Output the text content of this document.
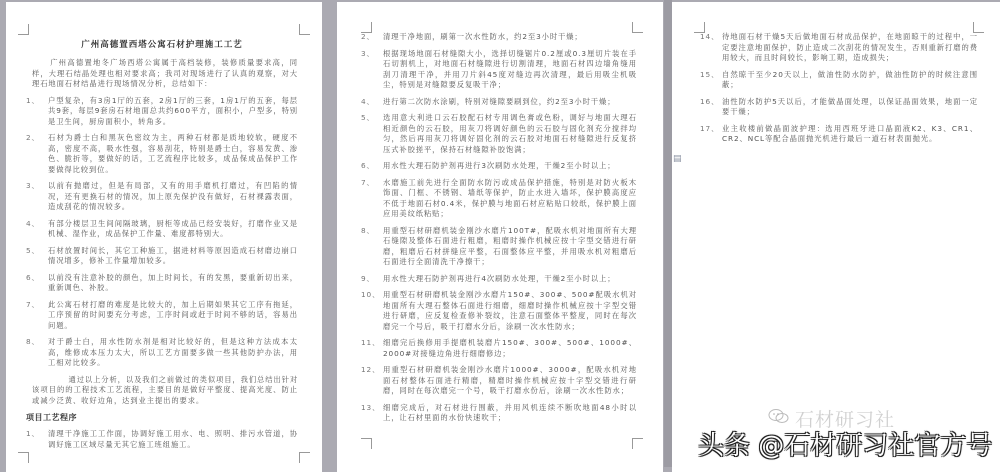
广州高德置西塔公寓石材护理施工工艺
广州高德置地冬广场西塔公寓属于高档装修，装修质量要求高，同样，大理石结晶处理也相对要求高；我司对现场进行了认真的观察，对大理石地面石材结晶进行现场情况分析，总结如下：
1、	户型复杂，有3房1厅的五套，2房1厅的三套，1房1厅的五套，每层共9套，每层9套房石材地面总共约600平方，面积小，户型多，特别是卫生间，厨房面积小，转角多。
2、	石材为爵士白和黑灰色密纹为主，两种石材都是质地较软，硬度不高，密度不高，吸水性强，容易刮花，特别是爵士白，容易发黄、渗色、脆折等，要做好的话，工艺流程序比较多，成品保成品保护工作要做得比较到位。
3、	以前有抛磨过，但是有局部，又有的用手磨机打磨过，有凹陷的情况，还有更换石材的情况，加上原先保护没有做好，石材裸露表面，造成刮花的情况较多。
4、	有部分楼层卫生间间隔玻璃，厨柜等成品已经安装好，打磨作业又是机械、湿作业，成品保护工作量、难度都特别大。
5、	石材放置时间长，其它工种施工，据进材料等原因造成石材磨边崩口情况增多，修补工作量增加较多。
6、	以前没有注意补胶的颜色，加上时间长，有的发黑，要重新切出来，重新调色、补胶。
7、	此公寓石材打磨的难度是比较大的，加上后期如果其它工序有拖延，工序预留的时间要充分考虑，工序时间或赶于时间不够的话，容易出问题。
8、	对于爵士白，用水性防水剂是相对比较好的，但是这种方法成本太高，维修成本压力太大，所以工艺方面要多做一些其他防护办法，用工相对比较多。
通过以上分析，以及我们之前做过的类似项目，我们总结出针对该项目的的工程技术工艺流程，主要目的是做好平整度、提高光度、防止或减少泛黄、收好边角，达到业主提出的要求。
项目工艺程序
1、	清理干净施工工作面，协调好施工用水、电、照明、排污水管道，协调好施工区域尽量无其它施工班组施工。
2、	清理干净地面，刷第一次水性防水，约2至3小时干燥；
3、	根据现场地面石材缝隙大小，选择切缝锯片0.2厘或0.3厘切片装在手石切割机上，对地面石材缝隙进行切割清理，地面石材四边墙角缝用刮刀清理干净，并用刀片斜45度对缝边再次清理，最后用吸尘机吸尘，特别是对缝隙要反复吸干净；
4、	进行第二次防水涂刷，特别对缝隙要刷到位，约2至3小时干燥；
5、	选用意大利进口云石胶配石材专用调色膏或色粉，调好与地面大理石相近颜色的云石胶，用灰刀将调好颜色的云石胶与固化剂充分搅拌均匀，然后再用灰刀将调好固化剂的云石胶对地面石材缝隙进行反复挤压式补胶搓平，保持石材缝隙补胶饱满；
6、	用水性大理石防护剂再进行3次刷防水处理，干燥2至小时以上；
7、	水磨施工前先进行全面防水防污或成品保护措施，特别是对防火板木饰面、门框、不锈钢、墙纸等保护，防止水进入墙坏，保护膜高度应不低于地面石材0.4米，保护膜与地面石材应粘贴口较纸，保护膜上面应用美纹纸粘贴；
8、	用重型石材研磨机装金刚沙水磨片100T#，配吸水机对地面所有大理石缝隙及整体石面进行粗磨，粗磨时操作机械应按十字型交错进行研磨，粗磨后石材拼缝应平整，石面整体应平整，并用吸水机对粗磨后石面进行全面清洗干净擦干；
9、	用水性大理石防护剂再进行4次刷防水处理，干燥2至小时以上；
10、 用重型石材研磨机装金刚沙水磨片150#、300#、500#配吸水机对地面所有大理石整体石面进行细磨，细磨时操作机械应按十字型交错进行研磨，应反复检查修补裂纹，注意石面整体平整度，同时在每次磨完一个号后，吸干打磨水分后，涂刷一次水性防水；
11、 细磨完后换修用手提磨机装磨片150#、300#、500#、1000#、2000#对接缝边角进行细磨修边；
12、 用重型石材研磨机装金刚沙水磨片1000#、3000#，配吸水机对地面石材整体石面进行精磨，精磨时操作机械应按十字型交错进行研磨，同时在每次磨完一个号，吸干打磨水份后，涂刷一次水性防水；
13、 细磨完成后，对石材进行围蔽，并用风机连续不断吹地面48小时以上，让石材里面的水份快速吹干；
14、 待地面石材干燥5天后做地面石材成品保护，在地面晾干的过程中，一定要注意地面保护，防止造成二次刮花的情况发生，否则重新打磨的费用较大，而且时间较长，影响工期，造成损失；
15、 自然晾干至少20天以上，做油性防水防护，做油性防护的时候注意围蔽；
16、 油性防水防护5天以后，才能做晶面处理，以保证晶面效果，地面一定要干燥；
17、 业主收楼前做晶面波护理：选用西班牙进口晶面液K2、K3、CR1、CR2、NCL等配合晶面抛光机进行最后一道石材表面抛光。
▤
石材研习社
头条 @石材研习社官方号
